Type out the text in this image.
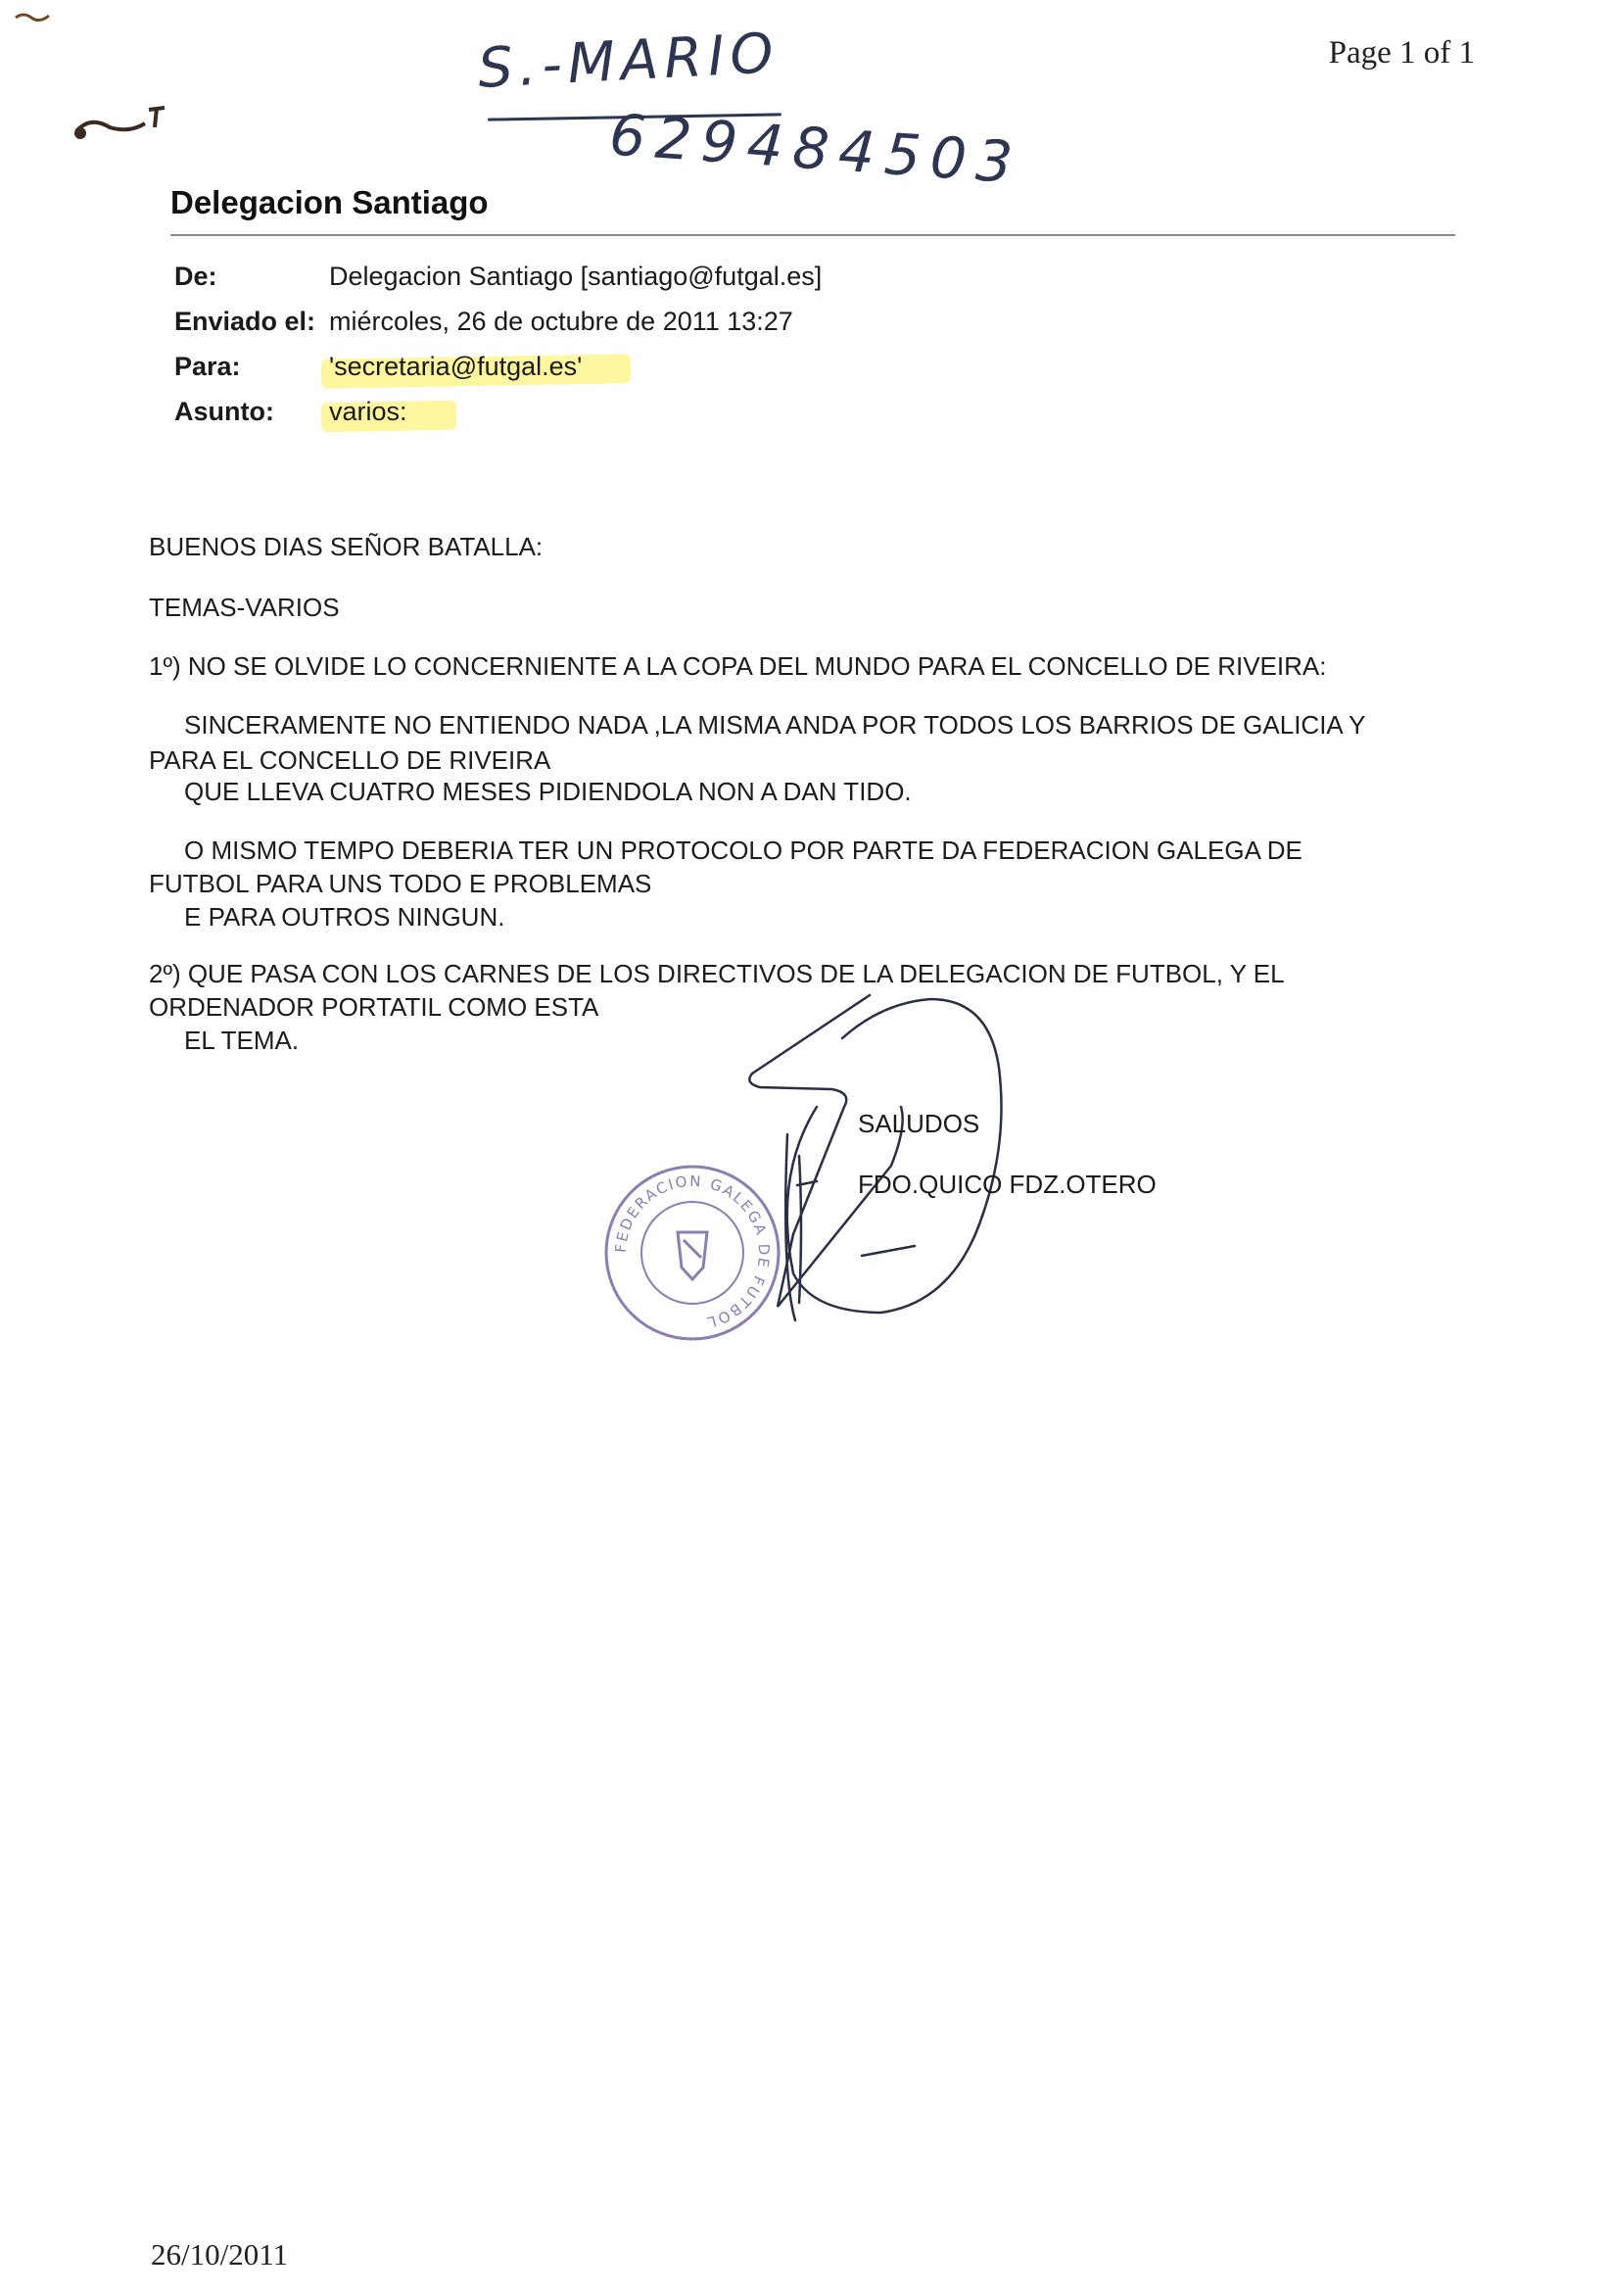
Page 1 of 1
26/10/2011
S.-MARIO
629484503
Delegacion Santiago
De:	Delegacion Santiago [santiago@futgal.es]
Enviado el: miércoles, 26 de octubre de 2011 13:27
Para:	'secretaria@futgal.es'
Asunto: varios:
BUENOS DIAS SEÑOR BATALLA:
TEMAS-VARIOS
1º) NO SE OLVIDE LO CONCERNIENTE A LA COPA DEL MUNDO PARA EL CONCELLO DE RIVEIRA:
SINCERAMENTE NO ENTIENDO NADA ,LA MISMA ANDA POR TODOS LOS BARRIOS DE GALICIA Y
PARA EL CONCELLO DE RIVEIRA
QUE LLEVA CUATRO MESES PIDIENDOLA NON A DAN TIDO.
O MISMO TEMPO DEBERIA TER UN PROTOCOLO POR PARTE DA FEDERACION GALEGA DE
FUTBOL PARA UNS TODO E PROBLEMAS
E PARA OUTROS NINGUN.
2º) QUE PASA CON LOS CARNES DE LOS DIRECTIVOS DE LA DELEGACION DE FUTBOL, Y EL
ORDENADOR PORTATIL COMO ESTA
EL TEMA.
FEDERACION GALEGA DE FUTBOL
SALUDOS
FDO.QUICO FDZ.OTERO
